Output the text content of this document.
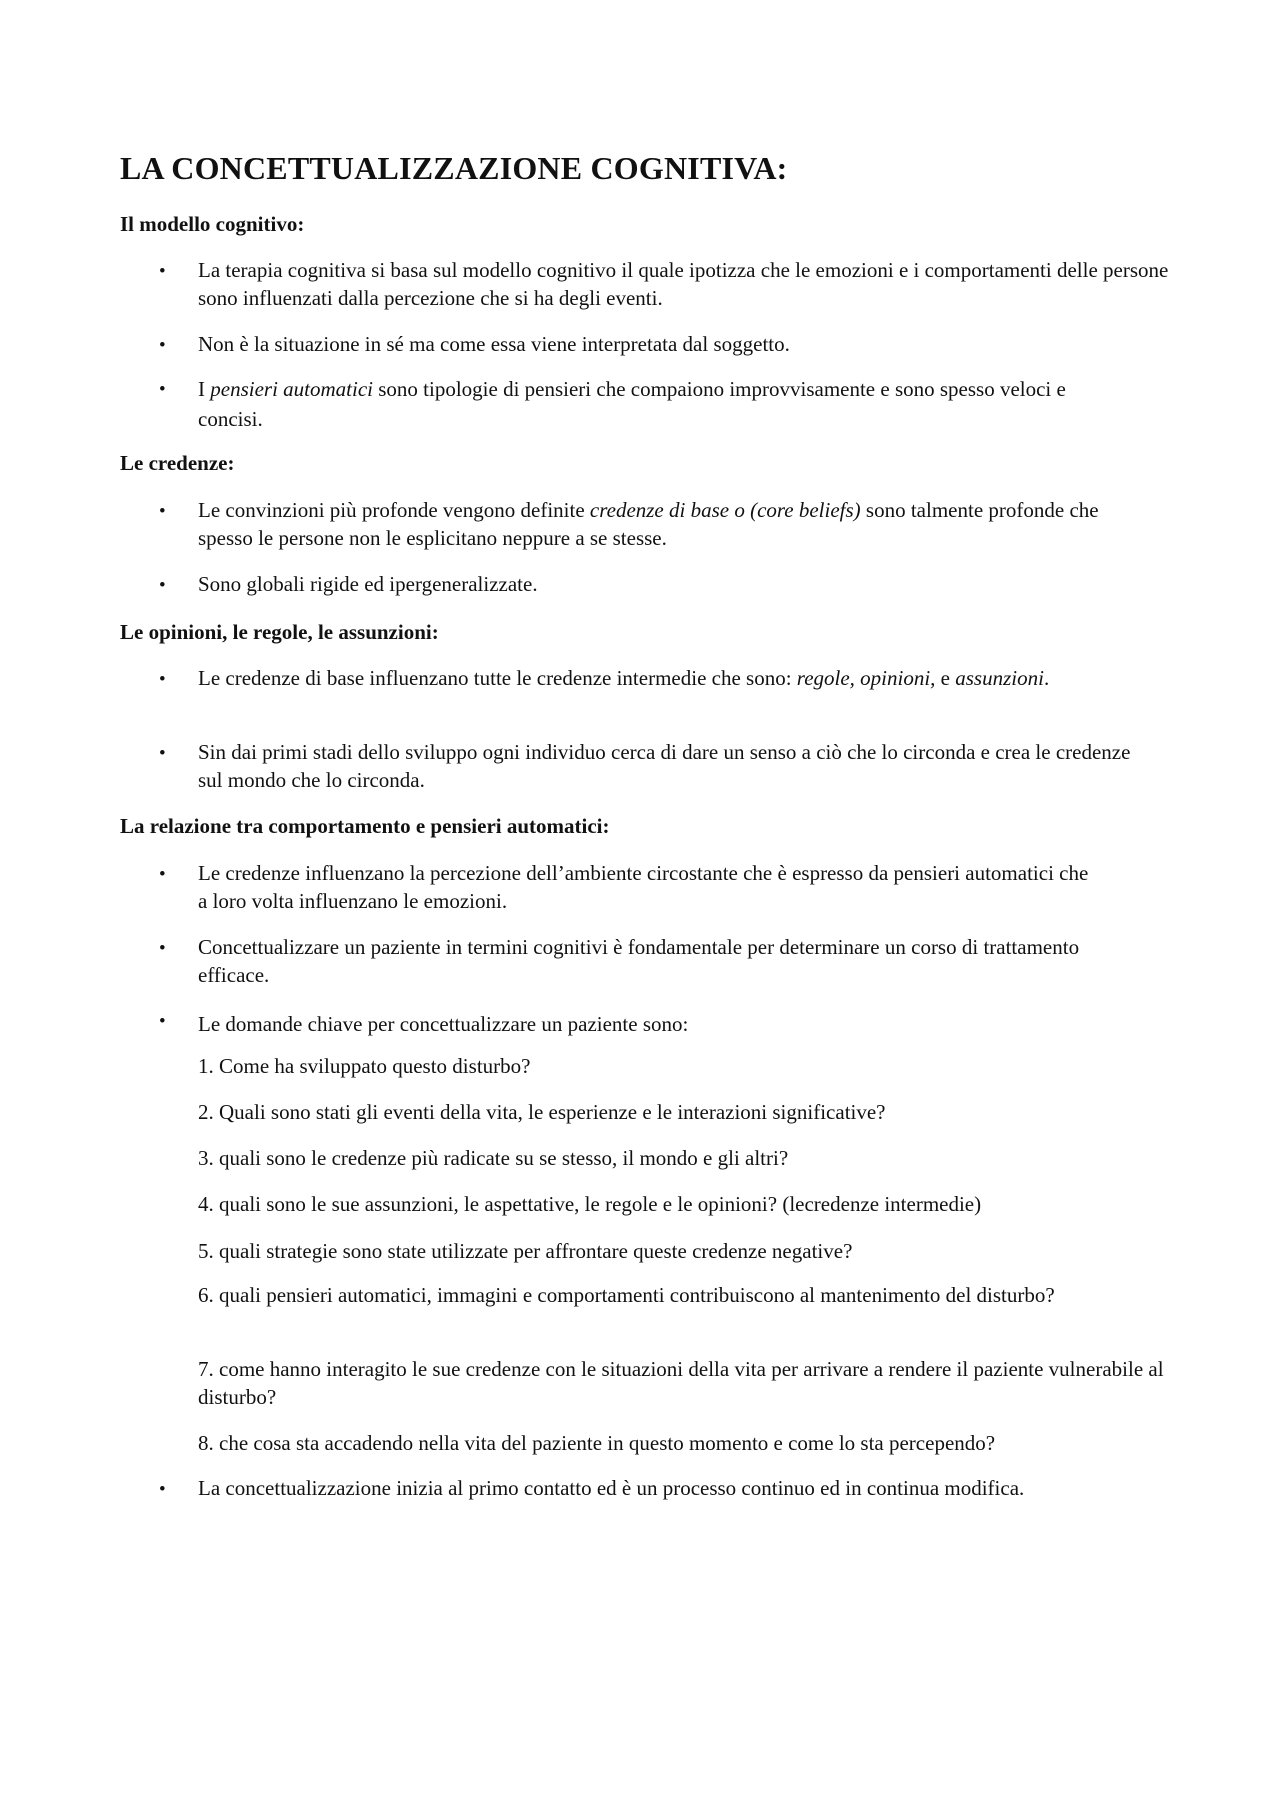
LA CONCETTUALIZZAZIONE COGNITIVA:
Il modello cognitivo:
• La terapia cognitiva si basa sul modello cognitivo il quale ipotizza che le emozioni e i comportamenti delle persone sono influenzati dalla percezione che si ha degli eventi.

• Non è la situazione in sé ma come essa viene interpretata dal soggetto.

• I pensieri automatici sono tipologie di pensieri che compaiono improvvisamente e sono spesso veloci e concisi.

Le credenze:
• Le convinzioni più profonde vengono definite credenze di base o (core beliefs) sono talmente profonde che spesso le persone non le esplicitano neppure a se stesse.

• Sono globali rigide ed ipergeneralizzate.

Le opinioni, le regole, le assunzioni:
• Le credenze di base influenzano tutte le credenze intermedie che sono: regole, opinioni, e assunzioni.

• Sin dai primi stadi dello sviluppo ogni individuo cerca di dare un senso a ciò che lo circonda e crea le credenze sul mondo che lo circonda.

La relazione tra comportamento e pensieri automatici:
• Le credenze influenzano la percezione dell’ambiente circostante che è espresso da pensieri automatici che a loro volta influenzano le emozioni.

• Concettualizzare un paziente in termini cognitivi è fondamentale per determinare un corso di trattamento efficace.

• Le domande chiave per concettualizzare un paziente sono:

1. Come ha sviluppato questo disturbo?

2. Quali sono stati gli eventi della vita, le esperienze e le interazioni significative?

3. quali sono le credenze più radicate su se stesso, il mondo e gli altri?

4. quali sono le sue assunzioni, le aspettative, le regole e le opinioni? (lecredenze intermedie)

5. quali strategie sono state utilizzate per affrontare queste credenze negative?

6. quali pensieri automatici, immagini e comportamenti contribuiscono al mantenimento del disturbo?

7. come hanno interagito le sue credenze con le situazioni della vita per arrivare a rendere il paziente vulnerabile al disturbo?

8. che cosa sta accadendo nella vita del paziente in questo momento e come lo sta percependo?

• La concettualizzazione inizia al primo contatto ed è un processo continuo ed in continua modifica.
